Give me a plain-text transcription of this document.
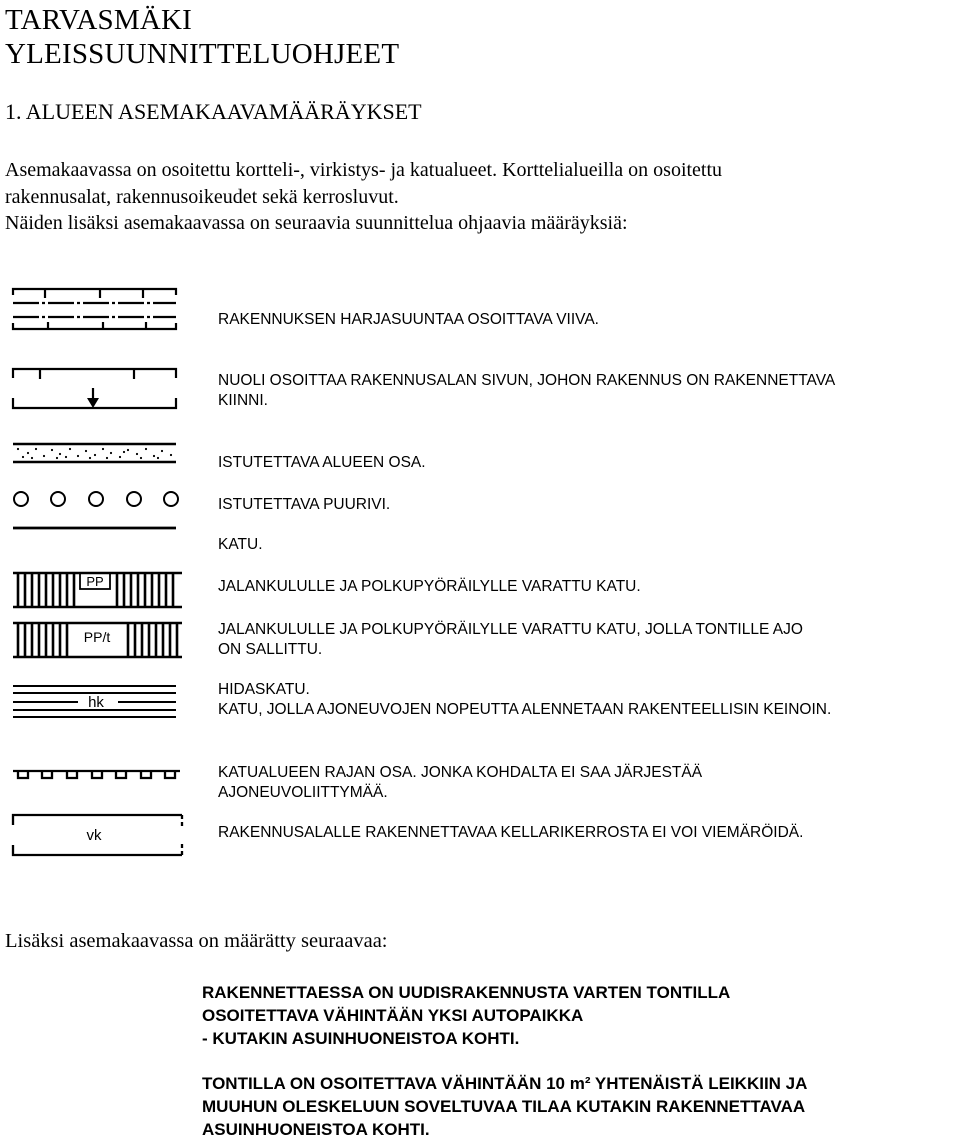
TARVASMÄKI
YLEISSUUNNITTELUOHJEET
1. ALUEEN ASEMAKAAVAMÄÄRÄYKSET
Asemakaavassa on osoitettu kortteli-, virkistys- ja katualueet. Korttelialueilla on osoitettu
rakennusalat, rakennusoikeudet sekä kerrosluvut.
Näiden lisäksi asemakaavassa on seuraavia suunnittelua ohjaavia määräyksiä:
PP
PP/t
hk
vk
RAKENNUKSEN HARJASUUNTAA OSOITTAVA VIIVA.
NUOLI OSOITTAA RAKENNUSALAN SIVUN, JOHON RAKENNUS ON RAKENNETTAVA
KIINNI.
ISTUTETTAVA ALUEEN OSA.
ISTUTETTAVA PUURIVI.
KATU.
JALANKULULLE JA POLKUPYÖRÄILYLLE VARATTU KATU.
JALANKULULLE JA POLKUPYÖRÄILYLLE VARATTU KATU, JOLLA TONTILLE AJO
ON SALLITTU.
HIDASKATU.
KATU, JOLLA AJONEUVOJEN NOPEUTTA ALENNETAAN RAKENTEELLISIN KEINOIN.
KATUALUEEN RAJAN OSA. JONKA KOHDALTA EI SAA JÄRJESTÄÄ
AJONEUVOLIITTYMÄÄ.
RAKENNUSALALLE RAKENNETTAVAA KELLARIKERROSTA EI VOI VIEMÄRÖIDÄ.
Lisäksi asemakaavassa on määrätty seuraavaa:
RAKENNETTAESSA ON UUDISRAKENNUSTA VARTEN TONTILLA
OSOITETTAVA VÄHINTÄÄN YKSI AUTOPAIKKA
- KUTAKIN ASUINHUONEISTOA KOHTI.
TONTILLA ON OSOITETTAVA VÄHINTÄÄN 10 m² YHTENÄISTÄ LEIKKIIN JA
MUUHUN OLESKELUUN SOVELTUVAA TILAA KUTAKIN RAKENNETTAVAA
ASUINHUONEISTOA KOHTI.
